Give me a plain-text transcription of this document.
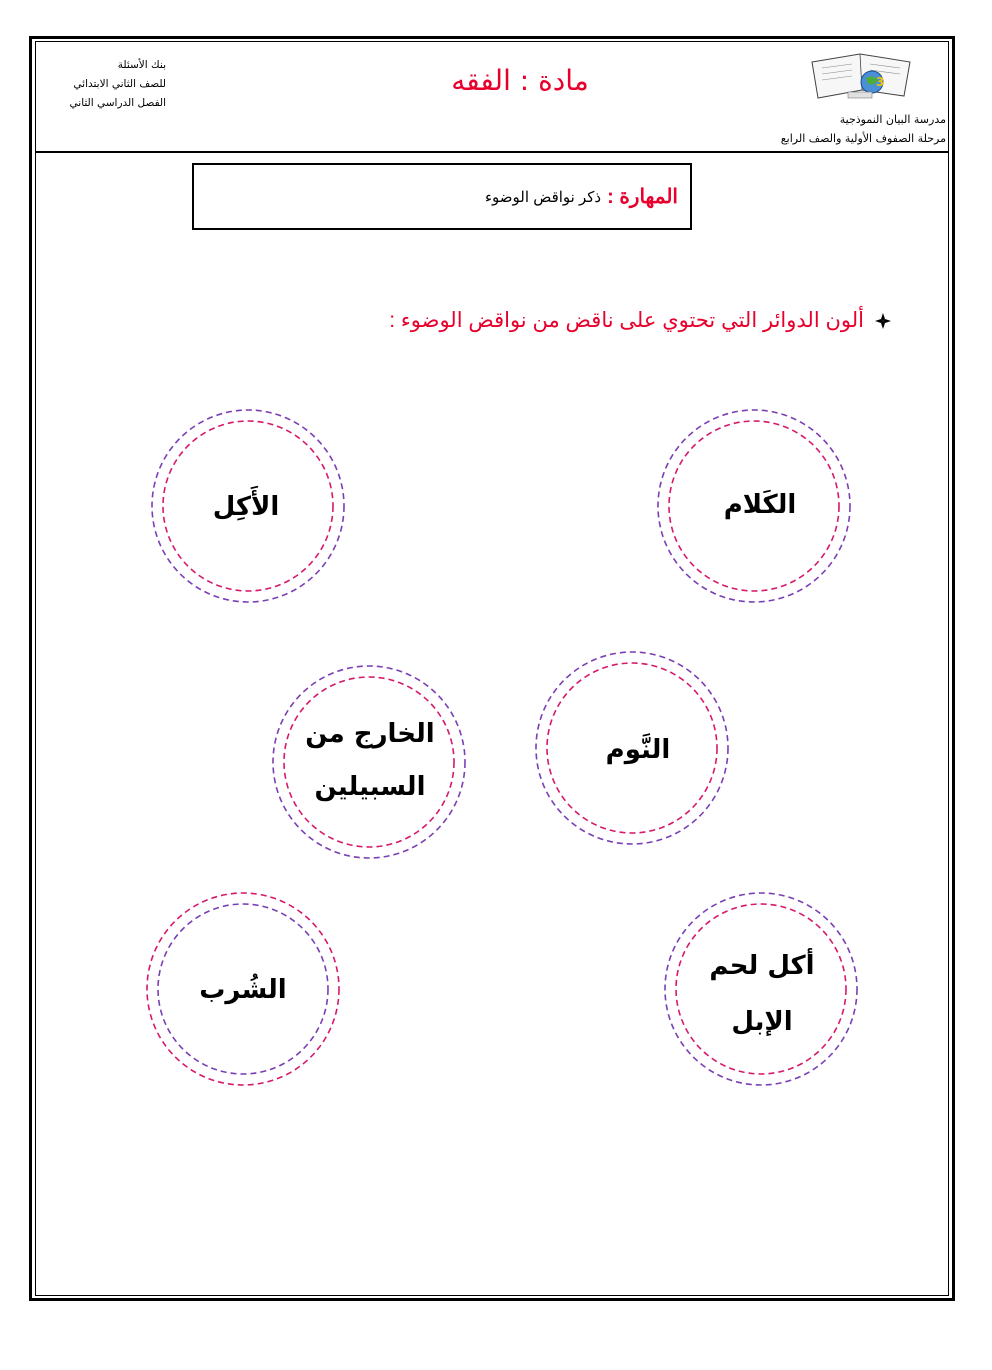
بنك الأسئلة
للصف الثاني الابتدائي
الفصل الدراسي الثاني
مادة : الفقه	3
مدرسة البيان النموذجية
مرحلة الصفوف الأولية والصف الرابع
المهارة :
ذكر نواقض الوضوء
ألون الدوائر التي تحتوي على ناقض من نواقض الوضوء :
الكَلام
الأَكِل
النَّوم
الخارج من
السبيلين
أكل لحم
الإبل
الشُرب
